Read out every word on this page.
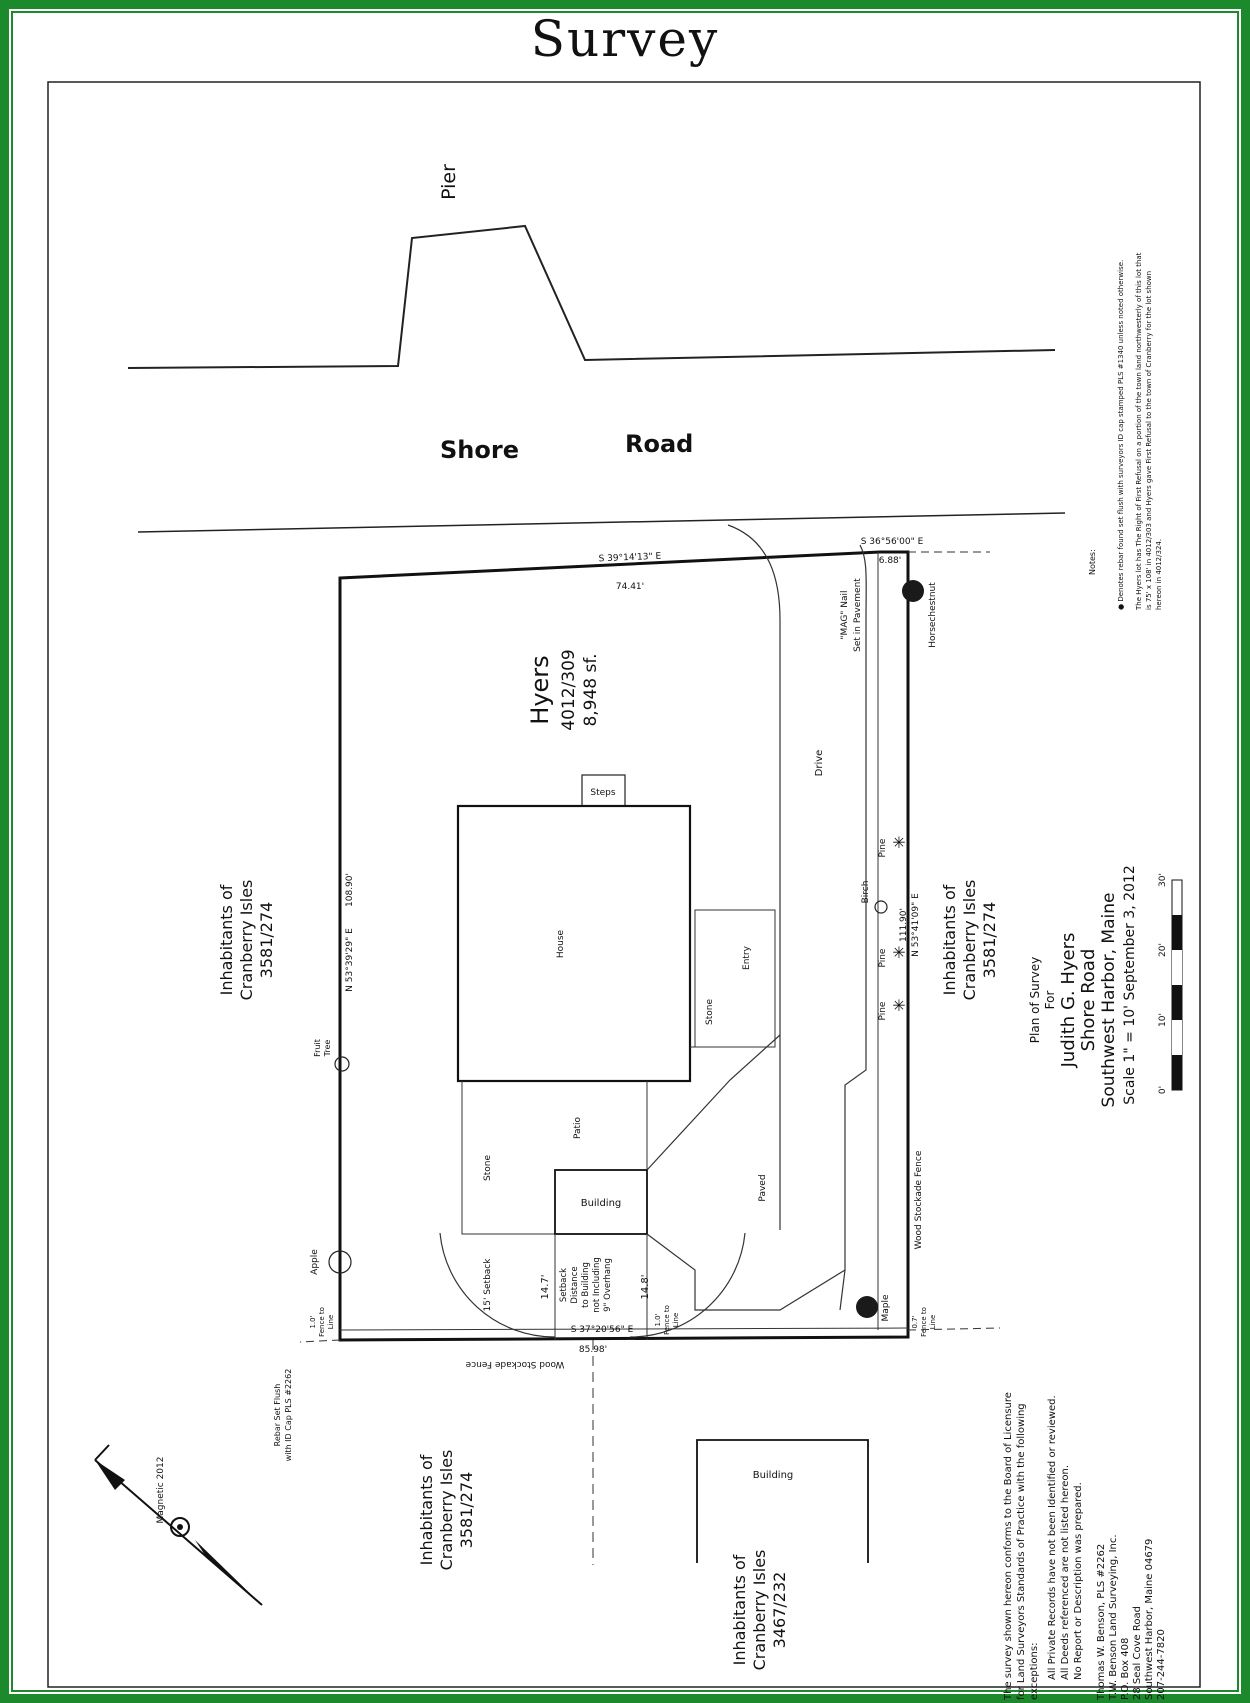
Survey
Pier
Shore	Road
S 39°14'13" E
74.41'
S 36°56'00" E
6.88'
N 53°39'29" E
108.90'
N 53°41'09" E
111.90'
S 37°20'56" E
85.98'
"MAG" Nail Set in Pavement	Horsechestnut
Drive
Steps
House	Entry
Stone
Stone
Patio
Building
14.7'	14.8'
Setback Distance to Building not Including 9" Overhang
15' Setback
Paved
✳
Pine
Birch
✳
Pine
✳
Pine
Maple
Wood Stockade Fence
Wood Stockade Fence
1.0' Fence to Line	1.0' Fence to Line	0.7' Fence to Line
Fruit Tree
Apple
Rebar Set Flush with ID Cap PLS #2262
Inhabitants of Cranberry Isles 3581/274	Inhabitants of Cranberry Isles 3581/274
Inhabitants of Cranberry Isles 3581/274
Inhabitants of Cranberry Isles 3467/232
Building
Magnetic 2012
Hyers 4012/309 8,948 sf.
Plan of Survey For Judith G. Hyers Shore Road Southwest Harbor, Maine Scale 1" = 10' September 3, 2012 0'
10'
20'
30'
Notes:	● Denotes rebar found set flush with surveyors ID cap stamped PLS #1340 unless noted otherwise. The Hyers lot has The Right of First Refusal on a portion of the town land northwesterly of this lot that is 75' x 108' in 4012/303 and Hyers gave First Refusal to the town of Cranberry for the lot shown hereon in 4012/324.
The survey shown hereon conforms to the Board of Licensure for Land Surveyors Standards of Practice with the following exceptions: All Private Records have not been Identified or reviewed. All Deeds referenced are not listed hereon. No Report or Description was prepared. Thomas W. Benson, PLS #2262 T.W. Benson Land Surveying, Inc. P.O. Box 408 28 Seal Cove Road Southwest Harbor, Maine 04679 207-244-7820
